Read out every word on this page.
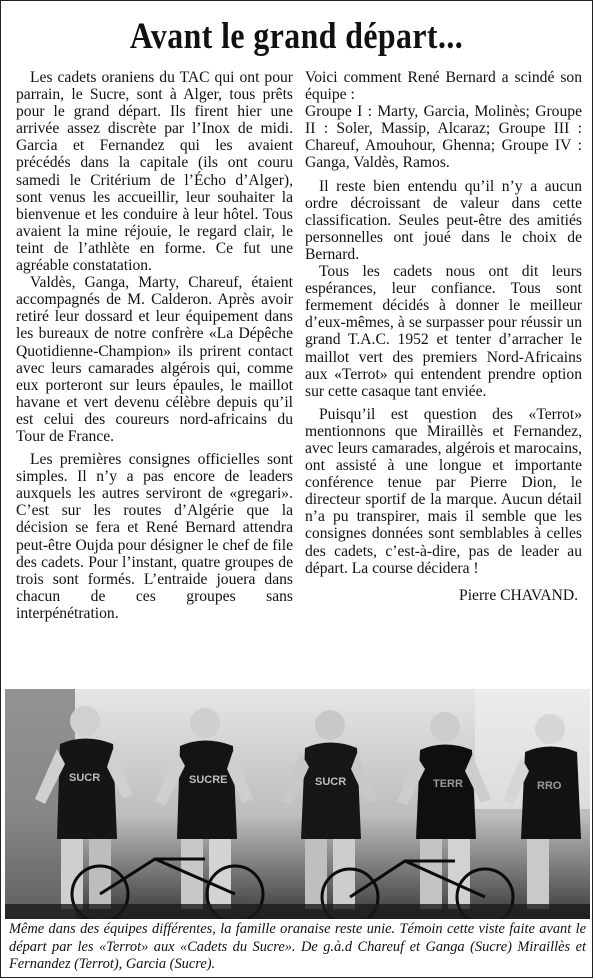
Avant le grand départ...

Les cadets oraniens du TAC qui ont pour parrain, le Sucre, sont à Alger, tous prêts pour le grand départ. Ils firent hier une arrivée assez discrète par l’Inox de midi. Garcia et Fernandez qui les avaient précédés dans la capitale (ils ont couru samedi le Critérium de l’Écho d’Alger), sont venus les accueillir, leur souhaiter la bienvenue et les conduire à leur hôtel. Tous avaient la mine réjouie, le regard clair, le teint de l’athlète en forme. Ce fut une agréable constatation.

Valdès, Ganga, Marty, Chareuf, étaient accompagnés de M. Calderon. Après avoir retiré leur dossard et leur équipement dans les bureaux de notre confrère «La Dépêche Quotidienne-Champion» ils prirent contact avec leurs camarades algérois qui, comme eux porteront sur leurs épaules, le maillot havane et vert devenu célèbre depuis qu’il est celui des coureurs nord-africains du Tour de France.

Les premières consignes officielles sont simples. Il n’y a pas encore de leaders auxquels les autres serviront de «gregari». C’est sur les routes d’Algérie que la décision se fera et René Bernard attendra peut-être Oujda pour désigner le chef de file des cadets. Pour l’instant, quatre groupes de trois sont formés. L’entraide jouera dans chacun de ces groupes sans interpénétration.

Voici comment René Bernard a scindé son équipe :

Groupe I : Marty, Garcia, Molinès; Groupe II : Soler, Massip, Alcaraz; Groupe III : Chareuf, Amouhour, Ghenna; Groupe IV : Ganga, Valdès, Ramos.

Il reste bien entendu qu’il n’y a aucun ordre décroissant de valeur dans cette classification. Seules peut-être des amitiés personnelles ont joué dans le choix de Bernard.

Tous les cadets nous ont dit leurs espérances, leur confiance. Tous sont fermement décidés à donner le meilleur d’eux-mêmes, à se surpasser pour réussir un grand T.A.C. 1952 et tenter d’arracher le maillot vert des premiers Nord-Africains aux «Terrot» qui entendent prendre option sur cette casaque tant enviée.

Puisqu’il est question des «Terrot» mentionnons que Miraillès et Fernandez, avec leurs camarades, algérois et marocains, ont assisté à une longue et importante conférence tenue par Pierre Dion, le directeur sportif de la marque. Aucun détail n’a pu transpirer, mais il semble que les consignes données sont semblables à celles des cadets, c’est-à-dire, pas de leader au départ. La course décidera !

Pierre CHAVAND.

SUCR	SUCRE	SUCR	TERR	RRO
Même dans des équipes différentes, la famille oranaise reste unie. Témoin cette viste faite avant le départ par les «Terrot» aux «Cadets du Sucre». De g.à.d Chareuf et Ganga (Sucre) Miraillès et Fernandez (Terrot), Garcia (Sucre).
